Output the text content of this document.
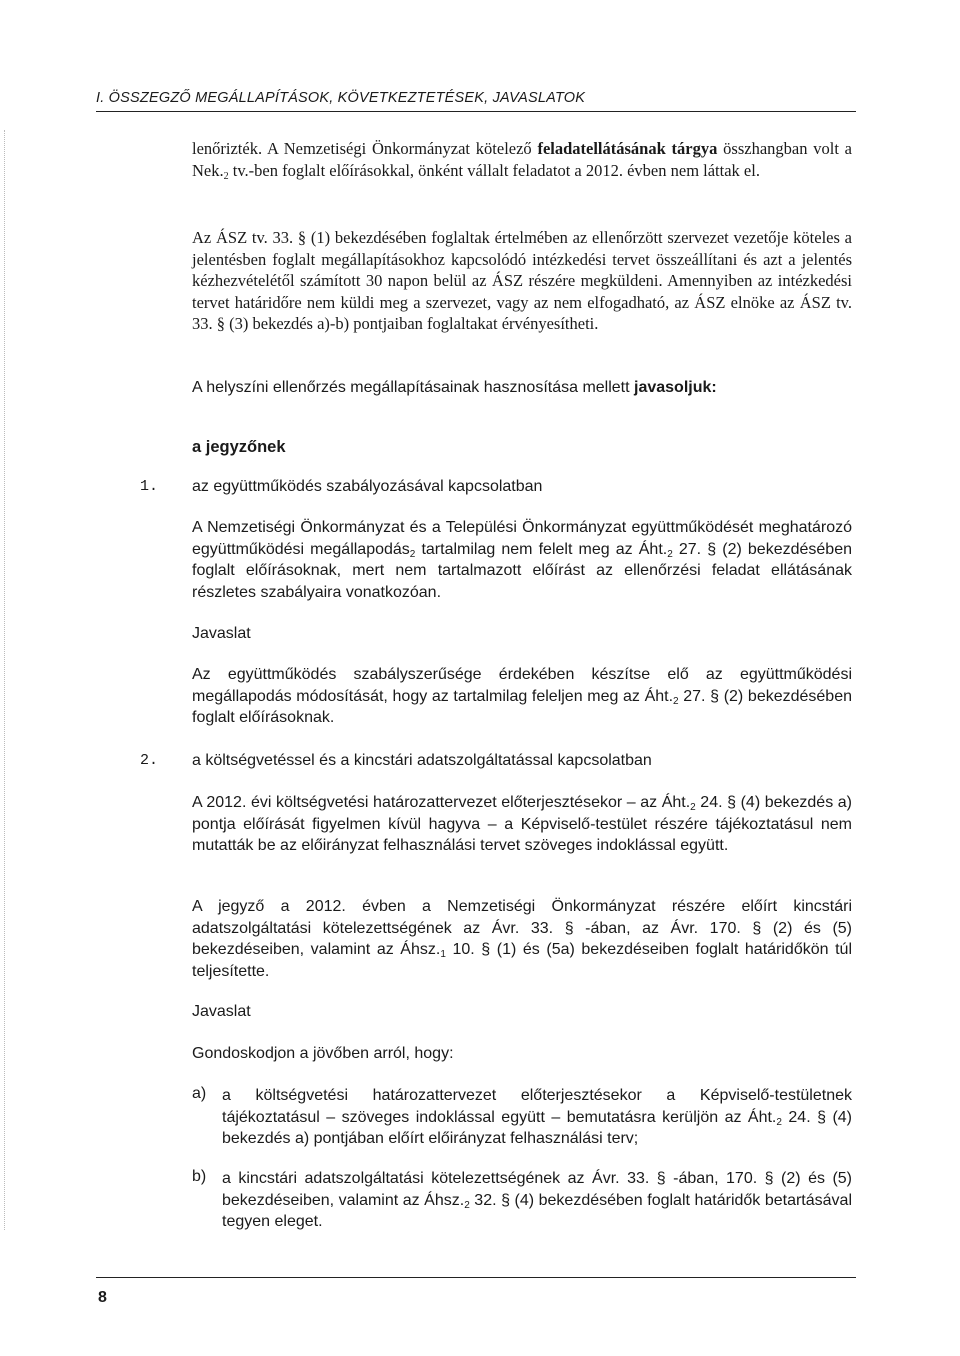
I. ÖSSZEGZŐ MEGÁLLAPÍTÁSOK, KÖVETKEZTETÉSEK, JAVASLATOK

lenőrizték. A Nemzetiségi Önkormányzat kötelező feladatellátásának tárgya összhangban volt a $Nek._2$ tv.-ben foglalt előírásokkal, önként vállalt feladatot a 2012. évben nem láttak el.

Az ÁSZ tv. 33. § (1) bekezdésében foglaltak értelmében az ellenőrzött szervezet vezetője köteles a jelentésben foglalt megállapításokhoz kapcsolódó intézkedési tervet összeállítani és azt a jelentés kézhezvételétől számított 30 napon belül az ÁSZ részére megküldeni. Amennyiben az intézkedési tervet határidőre nem küldi meg a szervezet, vagy az nem elfogadható, az ÁSZ elnöke az ÁSZ tv. 33. § (3) bekezdés a)-b) pontjaiban foglaltakat érvényesítheti.

A helyszíni ellenőrzés megállapításainak hasznosítása mellett javasoljuk:

a jegyzőnek
1. az együttműködés szabályozásával kapcsolatban

A Nemzetiségi Önkormányzat és a Települési Önkormányzat együttműködését meghatározó együttműködési megállapodás$_2$ tartalmilag nem felelt meg az $Áht._2$ 27. § (2) bekezdésében foglalt előírásoknak, mert nem tartalmazott előírást az ellenőrzési feladat ellátásának részletes szabályaira vonatkozóan.

Javaslat

Az együttműködés szabályszerűsége érdekében készítse elő az együttműködési megállapodás módosítását, hogy az tartalmilag feleljen meg az $Áht._2$ 27. § (2) bekezdésében foglalt előírásoknak.

2. a költségvetéssel és a kincstári adatszolgáltatással kapcsolatban

A 2012. évi költségvetési határozattervezet előterjesztésekor – az $Áht._2$ 24. § (4) bekezdés a) pontja előírását figyelmen kívül hagyva – a Képviselő-testület részére tájékoztatásul nem mutatták be az előirányzat felhasználási tervet szöveges indoklással együtt.

A jegyző a 2012. évben a Nemzetiségi Önkormányzat részére előírt kincstári adatszolgáltatási kötelezettségének az Ávr. 33. § -ában, az Ávr. 170. § (2) és (5) bekezdéseiben, valamint az $Áhsz._1$ 10. § (1) és (5a) bekezdéseiben foglalt határidőkön túl teljesítette.

Javaslat
Gondoskodjon a jövőben arról, hogy:
a) a költségvetési határozattervezet előterjesztésekor a Képviselő-testületnek tájékoztatásul – szöveges indoklással együtt – bemutatásra kerüljön az $Áht._2$ 24. § (4) bekezdés a) pontjában előírt előirányzat felhasználási terv;

b) a kincstári adatszolgáltatási kötelezettségének az Ávr. 33. § -ában, 170. § (2) és (5) bekezdéseiben, valamint az $Áhsz._2$ 32. § (4) bekezdésében foglalt határidők betartásával tegyen eleget.

8
